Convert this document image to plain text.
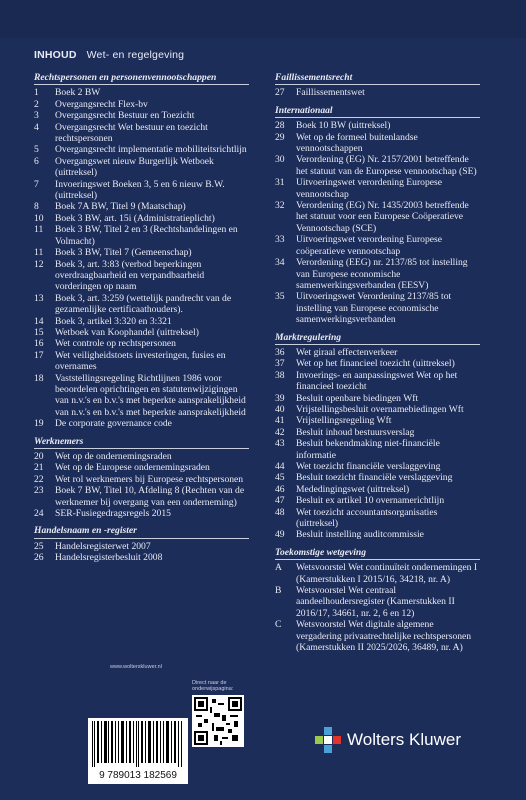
INHOUD Wet- en regelgeving
Rechtspersonen en personenvennootschappen
1	Boek 2 BW
2	Overgangsrecht Flex-bv
3	Overgangsrecht Bestuur en Toezicht
4	Overgangsrecht Wet bestuur en toezicht rechtspersonen
5	Overgangsrecht implementatie mobiliteitsrichtlijn
6	Overgangswet nieuw Burgerlijk Wetboek (uittreksel)
7	Invoeringswet Boeken 3, 5 en 6 nieuw B.W. (uittreksel)
8	Boek 7A BW, Titel 9 (Maatschap)
10	Boek 3 BW, art. 15i (Administratieplicht)
11	Boek 3 BW, Titel 2 en 3 (Rechtshandelingen en Volmacht)
11	Boek 3 BW, Titel 7 (Gemeenschap)
12	Boek 3, art. 3:83 (verbod beperkingen overdraagbaarheid en verpandbaarheid vorderingen op naam
13	Boek 3, art. 3:259 (wettelijk pandrecht van de gezamenlijke certificaathouders).
14	Boek 3, artikel 3:320 en 3:321
15	Wetboek van Koophandel (uittreksel)
16	Wet controle op rechtspersonen
17	Wet veiligheidstoets investeringen, fusies en overnames
18	Vaststellingsregeling Richtlijnen 1986 voor beoordelen oprichtingen en statutenwijzigingen van n.v.'s en b.v.'s met beperkte aansprakelijkheid van n.v.'s en b.v.'s met beperkte aansprakelijkheid
19	De corporate governance code
Werknemers
20	Wet op de ondernemingsraden
21	Wet op de Europese ondernemingsraden
22	Wet rol werknemers bij Europese rechtspersonen
23	Boek 7 BW, Titel 10, Afdeling 8 (Rechten van de werknemer bij overgang van een onderneming)
24	SER-Fusiegedragsregels 2015
Handelsnaam en -register
25	Handelsregisterwet 2007
26	Handelsregisterbesluit 2008
Faillissementsrecht
27	Faillissementswet
Internationaal
28	Boek 10 BW (uittreksel)
29	Wet op de formeel buitenlandse vennootschappen
30	Verordening (EG) Nr. 2157/2001 betreffende het statuut van de Europese vennootschap (SE)
31	Uitvoeringswet verordening Europese vennootschap
32	Verordening (EG) Nr. 1435/2003 betreffende het statuut voor een Europese Coöperatieve Vennootschap (SCE)
33	Uitvoeringswet verordening Europese coöperatieve vennootschap
34	Verordening (EEG) nr. 2137/85 tot instelling van Europese economische samenwerkingsverbanden (EESV)
35	Uitvoeringswet Verordening 2137/85 tot instelling van Europese economische samenwerkingsverbanden
Marktregulering
36	Wet giraal effectenverkeer
37	Wet op het financieel toezicht (uittreksel)
38	Invoerings- en aanpassingswet Wet op het financieel toezicht
39	Besluit openbare biedingen Wft
40	Vrijstellingsbesluit overnamebiedingen Wft
41	Vrijstellingsregeling Wft
42	Besluit inhoud bestuursverslag
43	Besluit bekendmaking niet-financiële informatie
44	Wet toezicht financiële verslaggeving
45	Besluit toezicht financiële verslaggeving
46	Mededingingswet (uittreksel)
47	Besluit ex artikel 10 overnamerichtlijn
48	Wet toezicht accountantsorganisaties (uittreksel)
49	Besluit instelling auditcommissie
Toekomstige wetgeving
A	Wetsvoorstel Wet continuïteit ondernemingen I (Kamerstukken I 2015/16, 34218, nr. A)
B	Wetsvoorstel Wet centraal aandeelhoudersregister (Kamerstukken II 2016/17, 34661, nr. 2, 6 en 12)
C	Wetsvoorstel Wet digitale algemene vergadering privaatrechtelijke rechtspersonen (Kamerstukken II 2025/2026, 36489, nr. A)
www.wolterskluwer.nl
Direct naar de onderwijspagina:
9 789013 182569
Wolters Kluwer
